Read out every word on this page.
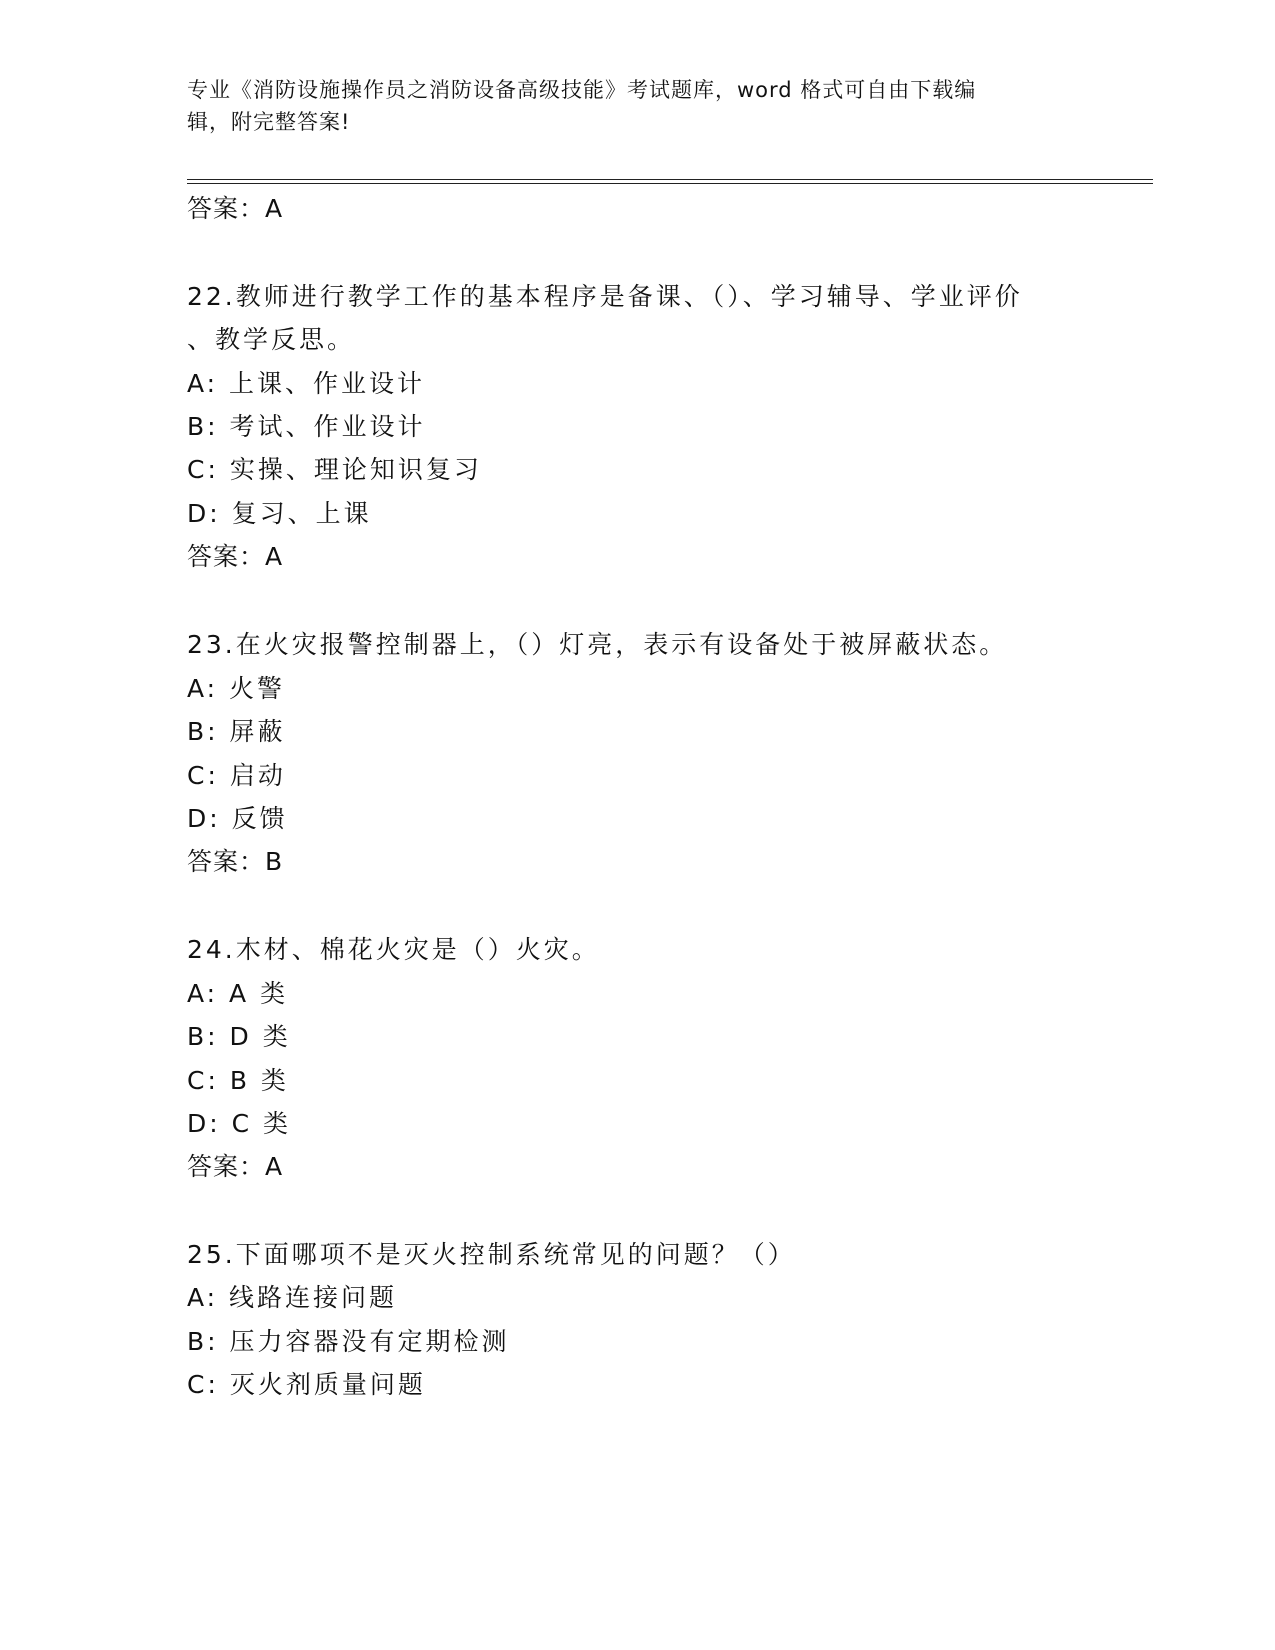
专业《消防设施操作员之消防设备高级技能》考试题库，word 格式可自由下载编
辑，附完整答案!
答案：A
22.教师进行教学工作的基本程序是备课、（）、学习辅导、学业评价
、教学反思。
A: 上课、作业设计
B: 考试、作业设计
C: 实操、理论知识复习
D: 复习、上课
答案：A
23.在火灾报警控制器上，（）灯亮，表示有设备处于被屏蔽状态。
A: 火警
B: 屏蔽
C: 启动
D: 反馈
答案：B
24.木材、棉花火灾是（）火灾。
A: A 类
B: D 类
C: B 类
D: C 类
答案：A
25.下面哪项不是灭火控制系统常见的问题？（）
A: 线路连接问题
B: 压力容器没有定期检测
C: 灭火剂质量问题
